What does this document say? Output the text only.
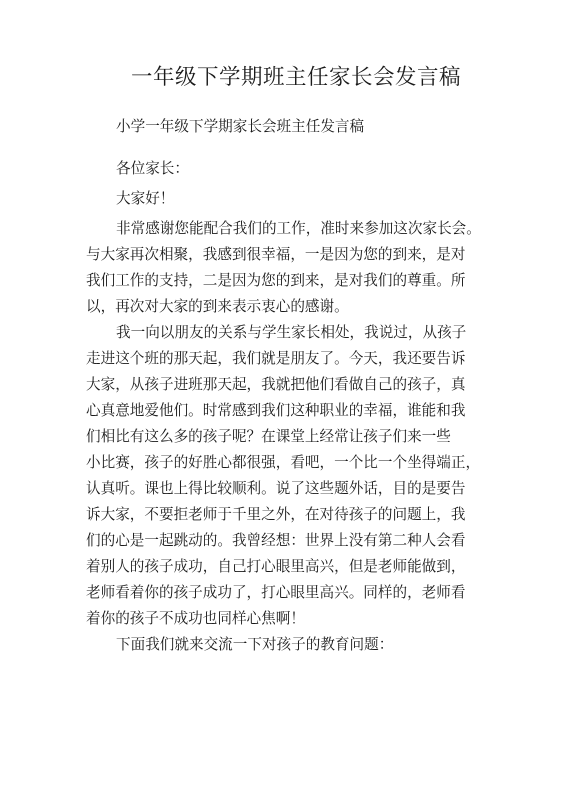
一年级下学期班主任家长会发言稿

小学一年级下学期家长会班主任发言稿

各位家长：

大家好！

非常感谢您能配合我们的工作，准时来参加这次家长会。

与大家再次相聚，我感到很幸福，一是因为您的到来，是对

我们工作的支持，二是因为您的到来，是对我们的尊重。所

以，再次对大家的到来表示衷心的感谢。

我一向以朋友的关系与学生家长相处，我说过，从孩子

走进这个班的那天起，我们就是朋友了。今天，我还要告诉

大家，从孩子进班那天起，我就把他们看做自己的孩子，真

心真意地爱他们。时常感到我们这种职业的幸福，谁能和我

们相比有这么多的孩子呢？在课堂上经常让孩子们来一些

小比赛，孩子的好胜心都很强，看吧，一个比一个坐得端正，

认真听。课也上得比较顺利。说了这些题外话，目的是要告

诉大家，不要拒老师于千里之外，在对待孩子的问题上，我

们的心是一起跳动的。我曾经想：世界上没有第二种人会看

着别人的孩子成功，自己打心眼里高兴，但是老师能做到，

老师看着你的孩子成功了，打心眼里高兴。同样的，老师看

着你的孩子不成功也同样心焦啊！

下面我们就来交流一下对孩子的教育问题：
